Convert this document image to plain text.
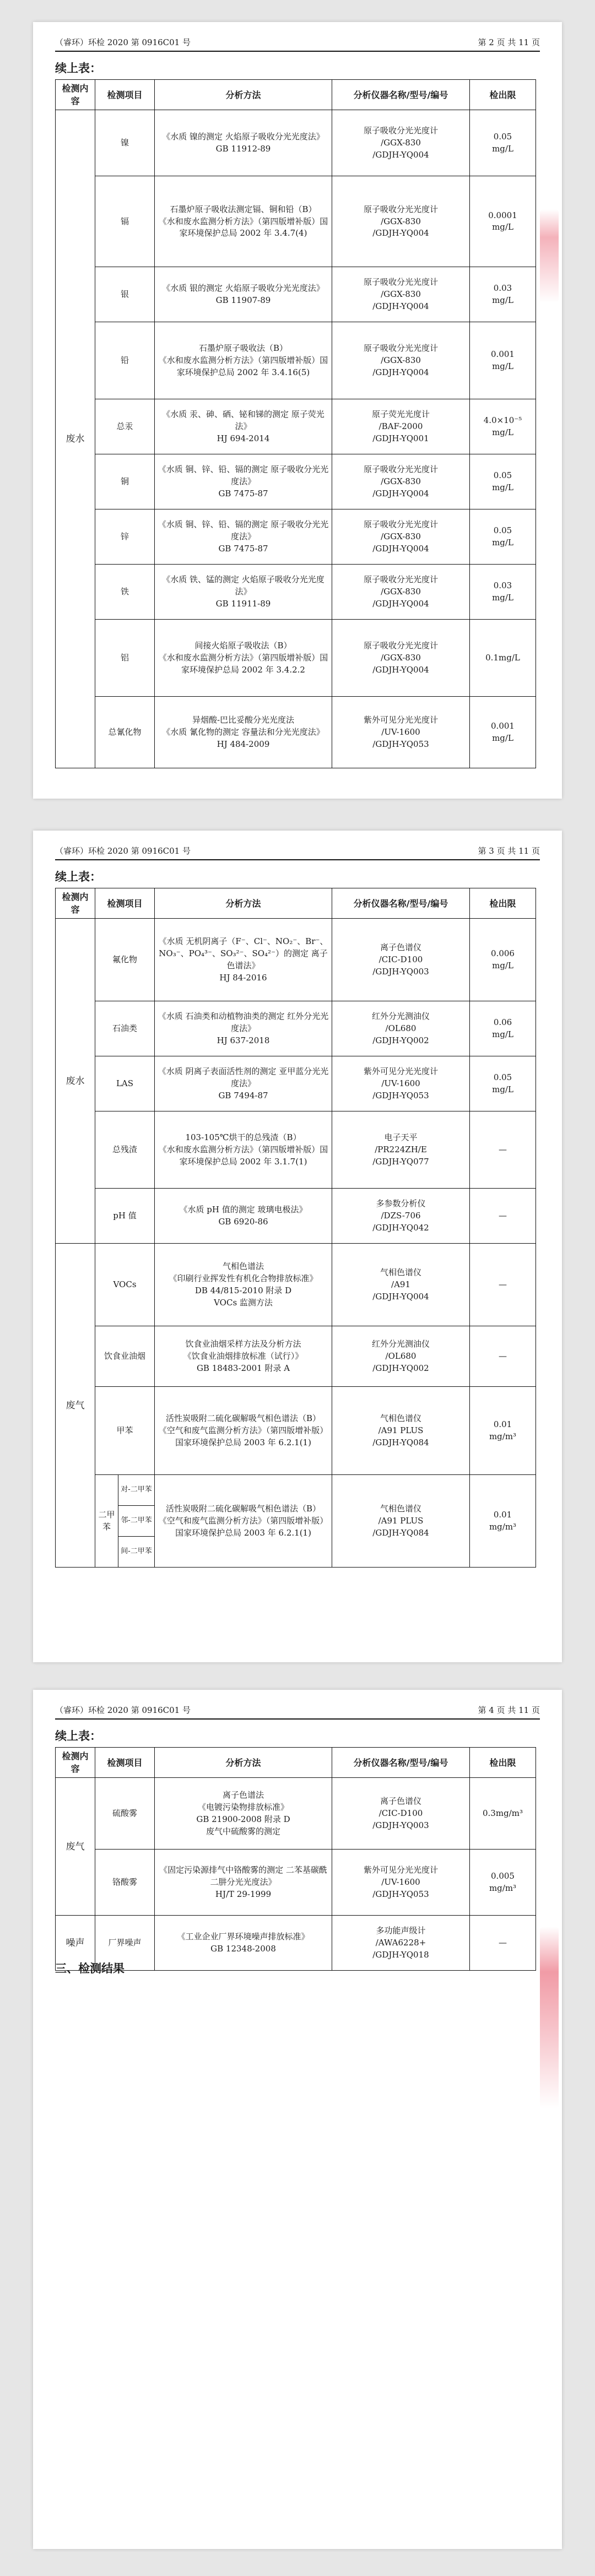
（睿环）环检 2020 第 0916C01 号	第 2 页 共 11 页
续上表：
检测内容	检测项目	分析方法	分析仪器名称/型号/编号	检出限
废水	镍	《水质 镍的测定 火焰原子吸收分光光度法》
GB 11912-89	原子吸收分光光度计
/GGX-830
/GDJH-YQ004	0.05
mg/L
	镉	石墨炉原子吸收法测定镉、铜和铅（B）
《水和废水监测分析方法》（第四版增补版）国家环境保护总局 2002 年 3.4.7(4)	原子吸收分光光度计
/GGX-830
/GDJH-YQ004	0.0001
mg/L
	银	《水质 银的测定 火焰原子吸收分光光度法》
GB 11907-89	原子吸收分光光度计
/GGX-830
/GDJH-YQ004	0.03
mg/L
	铅	石墨炉原子吸收法（B）
《水和废水监测分析方法》（第四版增补版）国家环境保护总局 2002 年 3.4.16(5)	原子吸收分光光度计
/GGX-830
/GDJH-YQ004	0.001
mg/L
	总汞	《水质 汞、砷、硒、铋和锑的测定 原子荧光法》
HJ 694-2014	原子荧光光度计
/BAF-2000
/GDJH-YQ001	4.0×10⁻⁵
mg/L
	铜	《水质 铜、锌、铅、镉的测定 原子吸收分光光度法》
GB 7475-87	原子吸收分光光度计
/GGX-830
/GDJH-YQ004	0.05
mg/L
	锌	《水质 铜、锌、铅、镉的测定 原子吸收分光光度法》
GB 7475-87	原子吸收分光光度计
/GGX-830
/GDJH-YQ004	0.05
mg/L
	铁	《水质 铁、锰的测定 火焰原子吸收分光光度法》
GB 11911-89	原子吸收分光光度计
/GGX-830
/GDJH-YQ004	0.03
mg/L
	铝	间接火焰原子吸收法（B）
《水和废水监测分析方法》（第四版增补版）国家环境保护总局 2002 年 3.4.2.2	原子吸收分光光度计
/GGX-830
/GDJH-YQ004	0.1mg/L
	总氰化物	异烟酸-巴比妥酸分光光度法
《水质 氰化物的测定 容量法和分光光度法》
HJ 484-2009	紫外可见分光光度计
/UV-1600
/GDJH-YQ053	0.001
mg/L
（睿环）环检 2020 第 0916C01 号	第 3 页 共 11 页
续上表：
检测内容	检测项目		分析方法	分析仪器名称/型号/编号	检出限
废水	氟化物		《水质 无机阴离子（F⁻、Cl⁻、NO₂⁻、Br⁻、NO₃⁻、PO₄³⁻、SO₃²⁻、SO₄²⁻）的测定 离子色谱法》
HJ 84-2016	离子色谱仪
/CIC-D100
/GDJH-YQ003	0.006
mg/L
	石油类		《水质 石油类和动植物油类的测定 红外分光光度法》
HJ 637-2018	红外分光测油仪
/OL680
/GDJH-YQ002	0.06
mg/L
	LAS		《水质 阴离子表面活性剂的测定 亚甲蓝分光光度法》
GB 7494-87	紫外可见分光光度计
/UV-1600
/GDJH-YQ053	0.05
mg/L
	总残渣		103-105℃烘干的总残渣（B）
《水和废水监测分析方法》（第四版增补版）国家环境保护总局 2002 年 3.1.7(1)	电子天平
/PR224ZH/E
/GDJH-YQ077	—
	pH 值		《水质 pH 值的测定 玻璃电极法》
GB 6920-86	多参数分析仪
/DZS-706
/GDJH-YQ042	—
废气	VOCs		气相色谱法
《印刷行业挥发性有机化合物排放标准》
DB 44/815-2010 附录 D
VOCs 监测方法	气相色谱仪
/A91
/GDJH-YQ004	—
	饮食业油烟		饮食业油烟采样方法及分析方法
《饮食业油烟排放标准（试行）》
GB 18483-2001 附录 A	红外分光测油仪
/OL680
/GDJH-YQ002	—
	甲苯		活性炭吸附二硫化碳解吸气相色谱法（B）
《空气和废气监测分析方法》（第四版增补版）国家环境保护总局 2003 年 6.2.1(1)	气相色谱仪
/A91 PLUS
/GDJH-YQ084	0.01
mg/m³
	二甲苯	对-二甲苯	活性炭吸附二硫化碳解吸气相色谱法（B）
《空气和废气监测分析方法》（第四版增补版）国家环境保护总局 2003 年 6.2.1(1)	气相色谱仪
/A91 PLUS
/GDJH-YQ084	0.01
mg/m³
		邻-二甲苯			
		间-二甲苯			
（睿环）环检 2020 第 0916C01 号	第 4 页 共 11 页
续上表：
检测内容	检测项目	分析方法	分析仪器名称/型号/编号	检出限
废气	硫酸雾	离子色谱法
《电镀污染物排放标准》
GB 21900-2008 附录 D
废气中硫酸雾的测定	离子色谱仪
/CIC-D100
/GDJH-YQ003	0.3mg/m³
	铬酸雾	《固定污染源排气中铬酸雾的测定 二苯基碳酰二肼分光光度法》
HJ/T 29-1999	紫外可见分光光度计
/UV-1600
/GDJH-YQ053	0.005
mg/m³
噪声	厂界噪声	《工业企业厂界环境噪声排放标准》
GB 12348-2008	多功能声级计
/AWA6228+
/GDJH-YQ018	—
三、检测结果
